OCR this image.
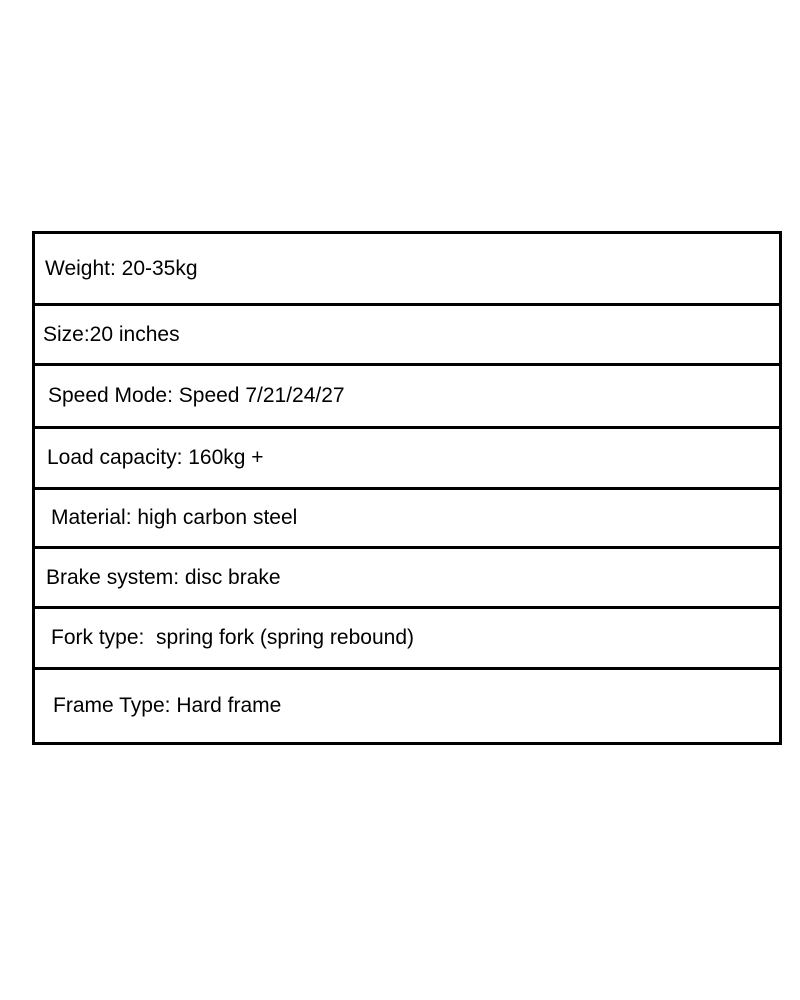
Weight: 20-35kg
Size:20 inches
Speed Mode: Speed 7/21/24/27
Load capacity: 160kg +
Material: high carbon steel
Brake system: disc brake
Fork type:  spring fork (spring rebound)
Frame Type: Hard frame
